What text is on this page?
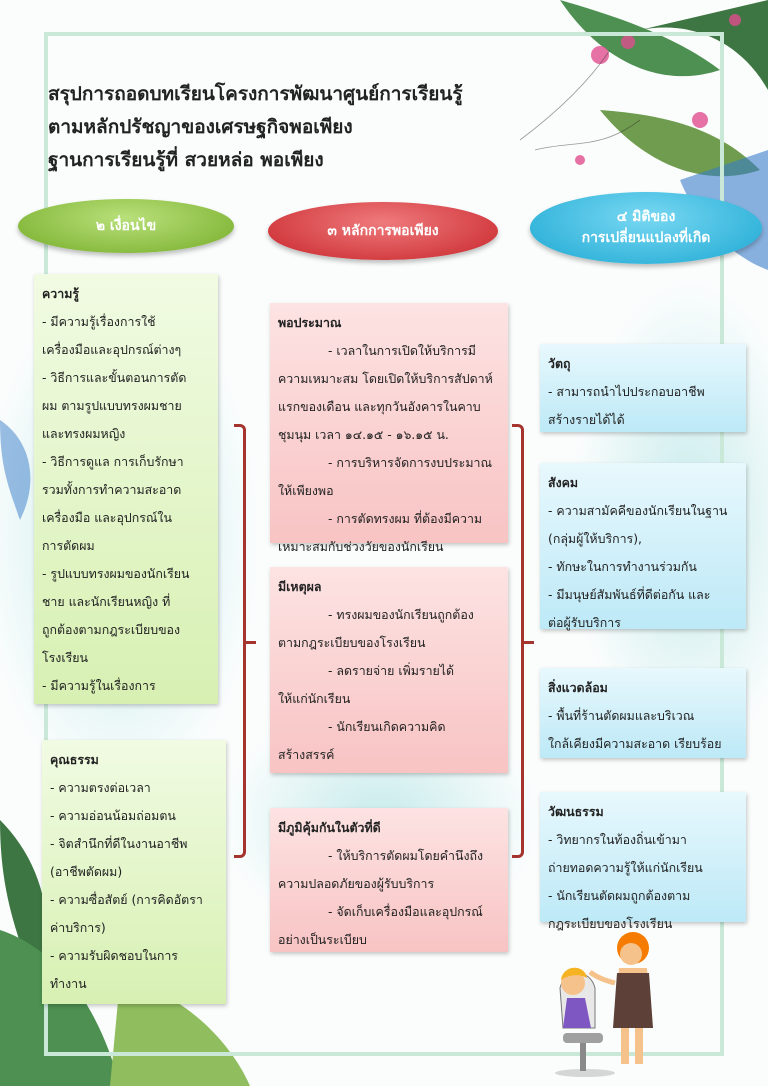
สรุปการถอดบทเรียนโครงการพัฒนาศูนย์การเรียนรู้
ตามหลักปรัชญาของเศรษฐกิจพอเพียง
ฐานการเรียนรู้ที่ สวยหล่อ พอเพียง
๒ เงื่อนไข	๓ หลักการพอเพียง
๔ มิติของ
การเปลี่ยนแปลงที่เกิด
ความรู้
- มีความรู้เรื่องการใช้
เครื่องมือและอุปกรณ์ต่างๆ
- วิธีการและขั้นตอนการตัด
ผม ตามรูปแบบทรงผมชาย
และทรงผมหญิง
- วิธีการดูแล การเก็บรักษา
รวมทั้งการทำความสะอาด
เครื่องมือ และอุปกรณ์ใน
การตัดผม
- รูปแบบทรงผมของนักเรียน
ชาย และนักเรียนหญิง ที่
ถูกต้องตามกฎระเบียบของ
โรงเรียน
- มีความรู้ในเรื่องการ
คุณธรรม
- ความตรงต่อเวลา
- ความอ่อนน้อมถ่อมตน
- จิตสำนึกที่ดีในงานอาชีพ
(อาชีพตัดผม)
- ความซื่อสัตย์ (การคิดอัตรา
ค่าบริการ)
- ความรับผิดชอบในการ
ทำงาน
พอประมาณ
- เวลาในการเปิดให้บริการมี
ความเหมาะสม โดยเปิดให้บริการสัปดาห์
แรกของเดือน และทุกวันอังคารในคาบ
ชุมนุม เวลา ๑๔.๑๕ - ๑๖.๑๕ น.
- การบริหารจัดการงบประมาณ
ให้เพียงพอ
- การตัดทรงผม ที่ต้องมีความ
เหมาะสมกับช่วงวัยของนักเรียน
มีเหตุผล
- ทรงผมของนักเรียนถูกต้อง
ตามกฎระเบียบของโรงเรียน
- ลดรายจ่าย เพิ่มรายได้
ให้แก่นักเรียน
- นักเรียนเกิดความคิด
สร้างสรรค์
มีภูมิคุ้มกันในตัวที่ดี
- ให้บริการตัดผมโดยคำนึงถึง
ความปลอดภัยของผู้รับบริการ
- จัดเก็บเครื่องมือและอุปกรณ์
อย่างเป็นระเบียบ
วัตถุ
- สามารถนำไปประกอบอาชีพ
สร้างรายได้ได้
สังคม
- ความสามัคคีของนักเรียนในฐาน
(กลุ่มผู้ให้บริการ),
- ทักษะในการทำงานร่วมกัน
- มีมนุษย์สัมพันธ์ที่ดีต่อกัน และ
ต่อผู้รับบริการ
สิ่งแวดล้อม
- พื้นที่ร้านตัดผมและบริเวณ
ใกล้เคียงมีความสะอาด เรียบร้อย
วัฒนธรรม
- วิทยากรในท้องถิ่นเข้ามา
ถ่ายทอดความรู้ให้แก่นักเรียน
- นักเรียนตัดผมถูกต้องตาม
กฎระเบียบของโรงเรียน
